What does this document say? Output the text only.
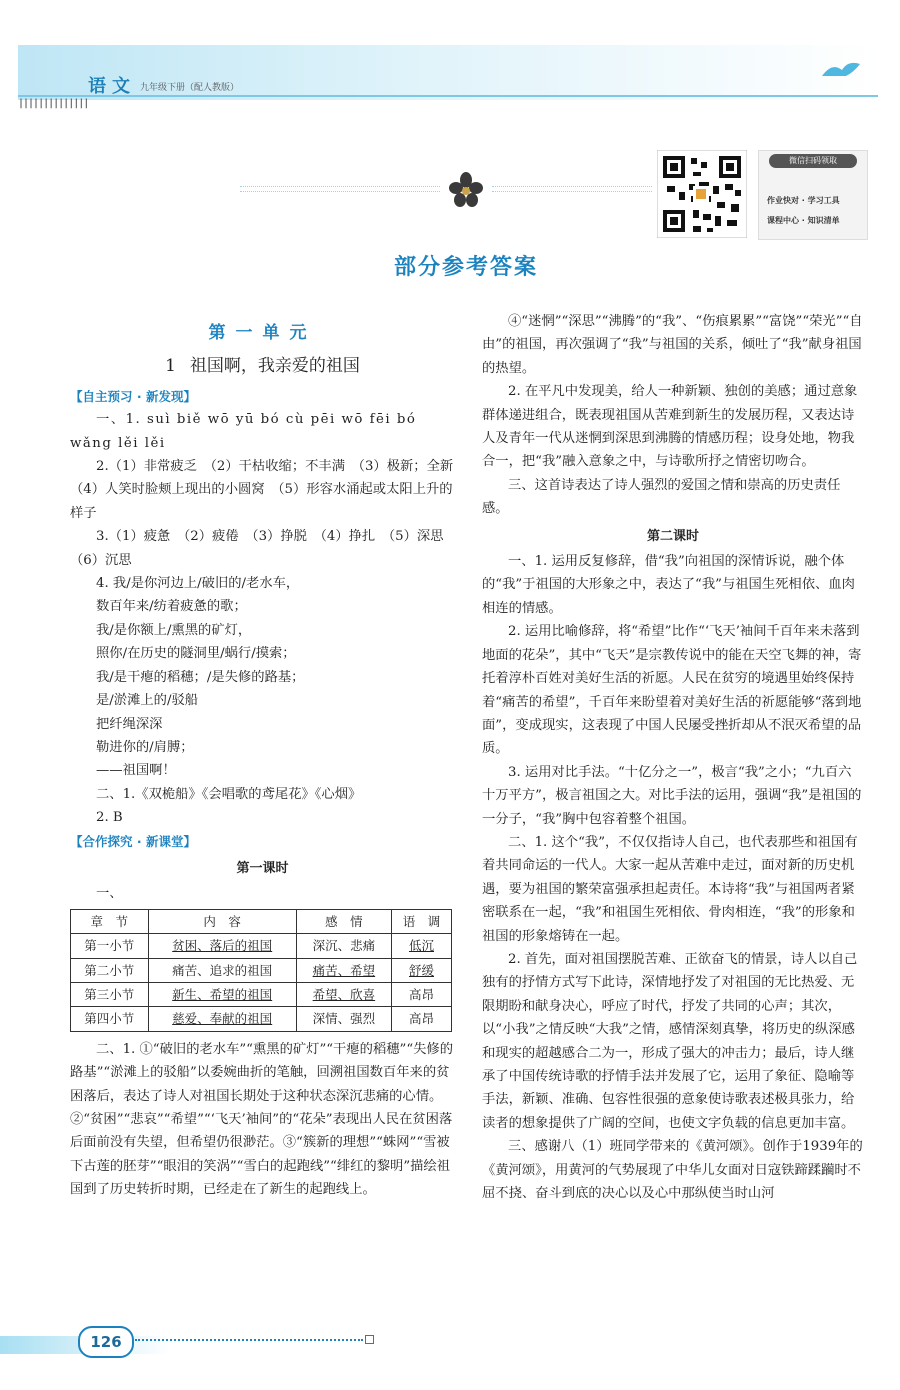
语文 九年级下册（配人教版）
||||||||||||||
微信扫码领取
作业快对 · 学习工具
课程中心 · 知识清单
部分参考答案

第一单元

1 祖国啊，我亲爱的祖国

【自主预习 · 新发现】

一、1. suì biě wō yū bó cù pēi wō fēi bó

wǎng lěi lěi

2.（1）非常疲乏　（2）干枯收缩；不丰满　（3）极新；全新　（4）人笑时脸颊上现出的小圆窝　（5）形容水涌起或太阳上升的样子

3.（1）疲惫　（2）疲倦　（3）挣脱　（4）挣扎　（5）深思　（6）沉思

4. 我/是你河边上/破旧的/老水车，

数百年来/纺着疲惫的歌；

我/是你额上/熏黑的矿灯，

照你/在历史的隧洞里/蜗行/摸索；

我/是干瘪的稻穗；/是失修的路基；

是/淤滩上的/驳船

把纤绳深深

勒进你的/肩膊；

——祖国啊！

二、1.《双桅船》《会唱歌的鸢尾花》《心烟》

2. B

【合作探究 · 新课堂】

第一课时

一、

章　节	内　容	感　情	语　调
第一小节	贫困、落后的祖国	深沉、悲痛	低沉
第二小节	痛苦、追求的祖国	痛苦、希望	舒缓
第三小节	新生、希望的祖国	希望、欣喜	高昂
第四小节	慈爱、奉献的祖国	深情、强烈	高昂

二、1. ①“破旧的老水车”“熏黑的矿灯”“干瘪的稻穗”“失修的路基”“淤滩上的驳船”以委婉曲折的笔触，回溯祖国数百年来的贫困落后，表达了诗人对祖国长期处于这种状态深沉悲痛的心情。②“贫困”“悲哀”“希望”“‘飞天’袖间”的“花朵”表现出人民在贫困落后面前没有失望，但希望仍很渺茫。③“簇新的理想”“蛛网”“雪被下古莲的胚芽”“眼泪的笑涡”“雪白的起跑线”“绯红的黎明”描绘祖国到了历史转折时期，已经走在了新生的起跑线上。

④“迷惘”“深思”“沸腾”的“我”、“伤痕累累”“富饶”“荣光”“自由”的祖国，再次强调了“我”与祖国的关系，倾吐了“我”献身祖国的热望。

2. 在平凡中发现美，给人一种新颖、独创的美感；通过意象群体递进组合，既表现祖国从苦难到新生的发展历程，又表达诗人及青年一代从迷惘到深思到沸腾的情感历程；设身处地，物我合一，把“我”融入意象之中，与诗歌所抒之情密切吻合。

三、这首诗表达了诗人强烈的爱国之情和崇高的历史责任感。

第二课时

一、1. 运用反复修辞，借“我”向祖国的深情诉说，融个体的“我”于祖国的大形象之中，表达了“我”与祖国生死相依、血肉相连的情感。

2. 运用比喻修辞，将“希望”比作“‘飞天’袖间千百年来未落到地面的花朵”，其中“飞天”是宗教传说中的能在天空飞舞的神，寄托着淳朴百姓对美好生活的祈愿。人民在贫穷的境遇里始终保持着“痛苦的希望”，千百年来盼望着对美好生活的祈愿能够“落到地面”，变成现实，这表现了中国人民屡受挫折却从不泯灭希望的品质。

3. 运用对比手法。“十亿分之一”，极言“我”之小；“九百六十万平方”，极言祖国之大。对比手法的运用，强调“我”是祖国的一分子，“我”胸中包容着整个祖国。

二、1. 这个“我”，不仅仅指诗人自己，也代表那些和祖国有着共同命运的一代人。大家一起从苦难中走过，面对新的历史机遇，要为祖国的繁荣富强承担起责任。本诗将“我”与祖国两者紧密联系在一起，“我”和祖国生死相依、骨肉相连，“我”的形象和祖国的形象熔铸在一起。

2. 首先，面对祖国摆脱苦难、正欲奋飞的情景，诗人以自己独有的抒情方式写下此诗，深情地抒发了对祖国的无比热爱、无限期盼和献身决心，呼应了时代，抒发了共同的心声；其次，以“小我”之情反映“大我”之情，感情深刻真挚，将历史的纵深感和现实的超越感合二为一，形成了强大的冲击力；最后，诗人继承了中国传统诗歌的抒情手法并发展了它，运用了象征、隐喻等手法，新颖、准确、包容性很强的意象使诗歌表述极具张力，给读者的想象提供了广阔的空间，也使文字负载的信息更加丰富。

三、感谢八（1）班同学带来的《黄河颂》。创作于1939年的《黄河颂》，用黄河的气势展现了中华儿女面对日寇铁蹄蹂躏时不屈不挠、奋斗到底的决心以及心中那纵使当时山河

126
